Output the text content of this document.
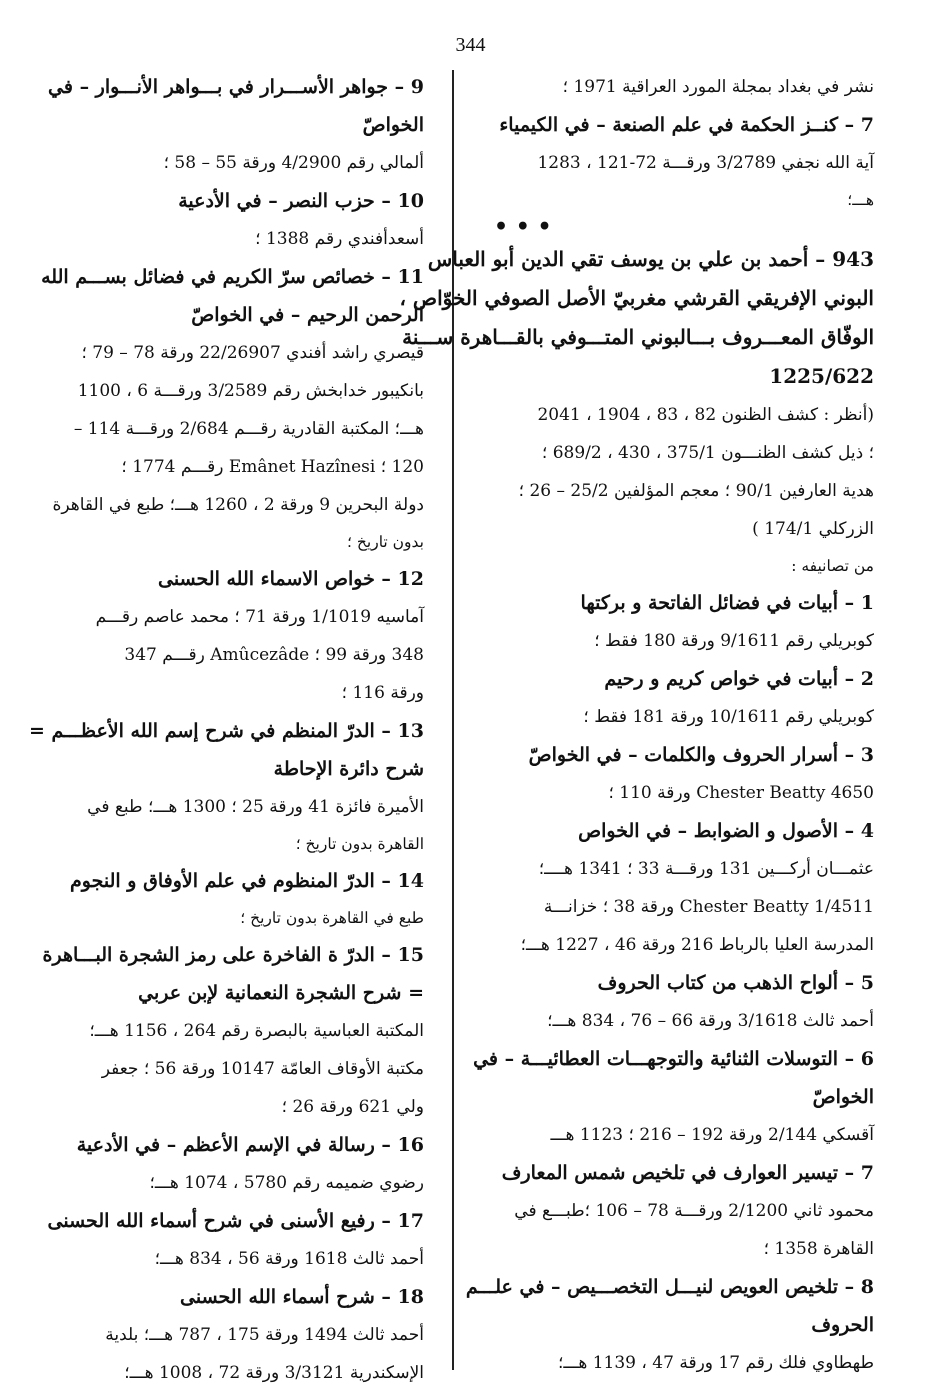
344
نشر في بغداد بمجلة المورد العراقية 1971 ؛
7 – كنــز الحكمة في علم الصنعة – في الكيمياء
آية الله نجفي 3/2789 ورقـــة 72-121 ، 1283
هـــ؛
• • •
943 – أحمد بن علي بن يوسف تقي الدين أبو العباس
البوني الإفريقي القرشي مغربيّ الأصل الصوفي الخوّاص ،
الوفّاق المعـــروف بـــالبوني المتـــوفي بالقـــاهرة ســـنة
1225/622
(أنظر : كشف الظنون 82 ، 83 ، 1904 ، 2041
؛ ذيل كشف الظنـــون 375/1 ، 430 ، 689/2 ؛
هدية العارفين 90/1 ؛ معجم المؤلفين 25/2 – 26 ؛
الزركلي 174/1 )
من تصانيفه :
1 – أبيات في فضائل الفاتحة و بركتها
كوبريلي رقم 9/1611 ورقة 180 فقط ؛
2 – أبيات في خواص كريم و رحيم
كوبريلي رقم 10/1611 ورقة 181 فقط ؛
3 – أسرار الحروف والكلمات – في الخواصّ
Chester Beatty 4650 ورقة 110 ؛
4 – الأصول و الضوابط – في الخواص
عثمـــان أركـــين 131 ورقـــة 33 ؛ 1341 هــــ؛
Chester Beatty 1/4511 ورقة 38 ؛ خزانـــة
المدرسة العليا بالرباط 216 ورقة 46 ، 1227 هـــ؛
5 – ألواح الذهب من كتاب الحروف
أحمد ثالث 3/1618 ورقة 66 – 76 ، 834 هـــ؛
6 – التوسلات الثنائية والتوجهـــات العطائيـــة – في
الخواصّ
آقسكي 2/144 ورقة 192 – 216 ؛ 1123 هـــ
7 – تيسير العوارف في تلخيص شمس المعارف
محمود ثاني 2/1200 ورقـــة 78 – 106 ؛طبـــع في
القاهرة 1358 ؛
8 – تلخيص العويص لنيـــل التخصـــيص – في علـــم
الحروف
طهطاوي فلك رقم 17 ورقة 47 ، 1139 هـــ؛
9 – جواهر الأســـرار في بـــواهر الأنـــوار – في
الخواصّ
ألمالي رقم 4/2900 ورقة 55 – 58 ؛
10 – حزب النصر – في الأدعية
أسعدأفندي رقم 1388 ؛
11 – خصائص سرّ الكريم في فضائل بســـم الله
الرحمن الرحيم – في الخواصّ
قيصري راشد أفندي 22/26907 ورقة 78 – 79 ؛
بانكيبور خدابخش رقم 3/2589 ورقـــة 6 ، 1100
هـــ؛ المكتبة القادرية رقـــم 2/684 ورقـــة 114 –
120 ؛ Emânet Hazînesi رقـــم 1774 ؛
دولة البحرين 9 ورقة 2 ، 1260 هـــ؛ طبع في القاهرة
بدون تاريخ ؛
12 – خواص الاسماء الله الحسنى
آماسيه 1/1019 ورقة 71 ؛ محمد عاصم رقـــم
348 ورقة 99 ؛ Amûcezâde رقـــم 347
ورقة 116 ؛
13 – الدرّ المنظم في شرح إسم الله الأعظـــم =
شرح دائرة الإحاطة
الأميرة فائزة 41 ورقة 25 ؛ 1300 هـــ؛ طبع في
القاهرة بدون تاريخ ؛
14 – الدرّ المنظوم في علم الأوفاق و النجوم
طبع في القاهرة بدون تاريخ ؛
15 – الدرّ ة الفاخرة على رمز الشجرة البـــاهرة
= شرح الشجرة النعمانية لإبن عربي
المكتبة العباسية بالبصرة رقم 264 ، 1156 هـــ؛
مكتبة الأوقاف العامّة 10147 ورقة 56 ؛ جعفر
ولي 621 ورقة 26 ؛
16 – رسالة في الإسم الأعظم – في الأدعية
رضوي ضميمه رقم 5780 ، 1074 هـــ؛
17 – رفيع الأسنى في شرح أسماء الله الحسنى
أحمد ثالث 1618 ورقة 56 ، 834 هـــ؛
18 – شرح أسماء الله الحسنى
أحمد ثالث 1494 ورقة 175 ، 787 هـــ؛ بلدية
الإسكندرية 3/3121 ورقة 72 ، 1008 هـــ؛
